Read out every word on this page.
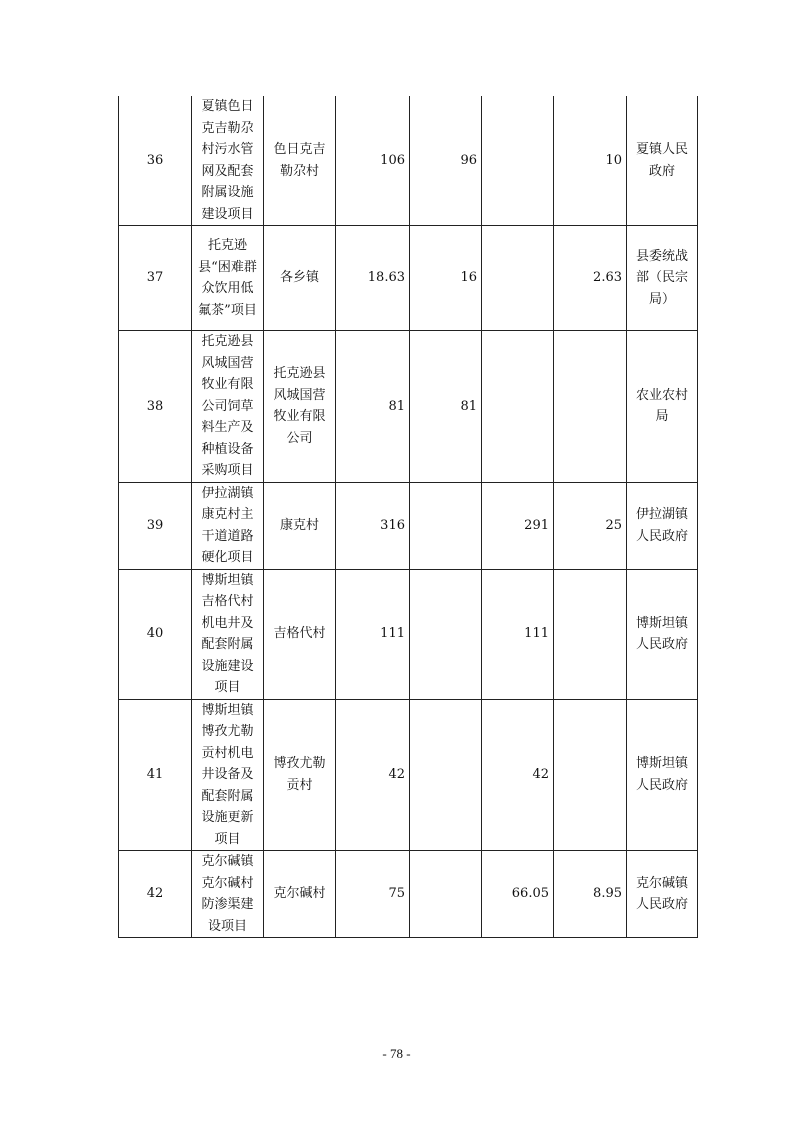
36	夏镇色日克吉勒尕村污水管网及配套附属设施建设项目	色日克吉勒尕村	106	96		10	夏镇人民政府

37	托克逊县“困难群众饮用低氟茶”项目	各乡镇	18.63	16		2.63	县委统战部（民宗局）

38	托克逊县风城国营牧业有限公司饲草料生产及种植设备采购项目	托克逊县风城国营牧业有限公司	81	81			农业农村局

39	伊拉湖镇康克村主干道道路硬化项目	康克村	316		291	25	伊拉湖镇人民政府

40	博斯坦镇吉格代村机电井及配套附属设施建设项目	吉格代村	111		111		博斯坦镇人民政府

41	博斯坦镇博孜尤勒贡村机电井设备及配套附属设施更新项目	博孜尤勒贡村	42		42		博斯坦镇人民政府

42	克尔碱镇克尔碱村防渗渠建设项目	克尔碱村	75		66.05	8.95	克尔碱镇人民政府
- 78 -
